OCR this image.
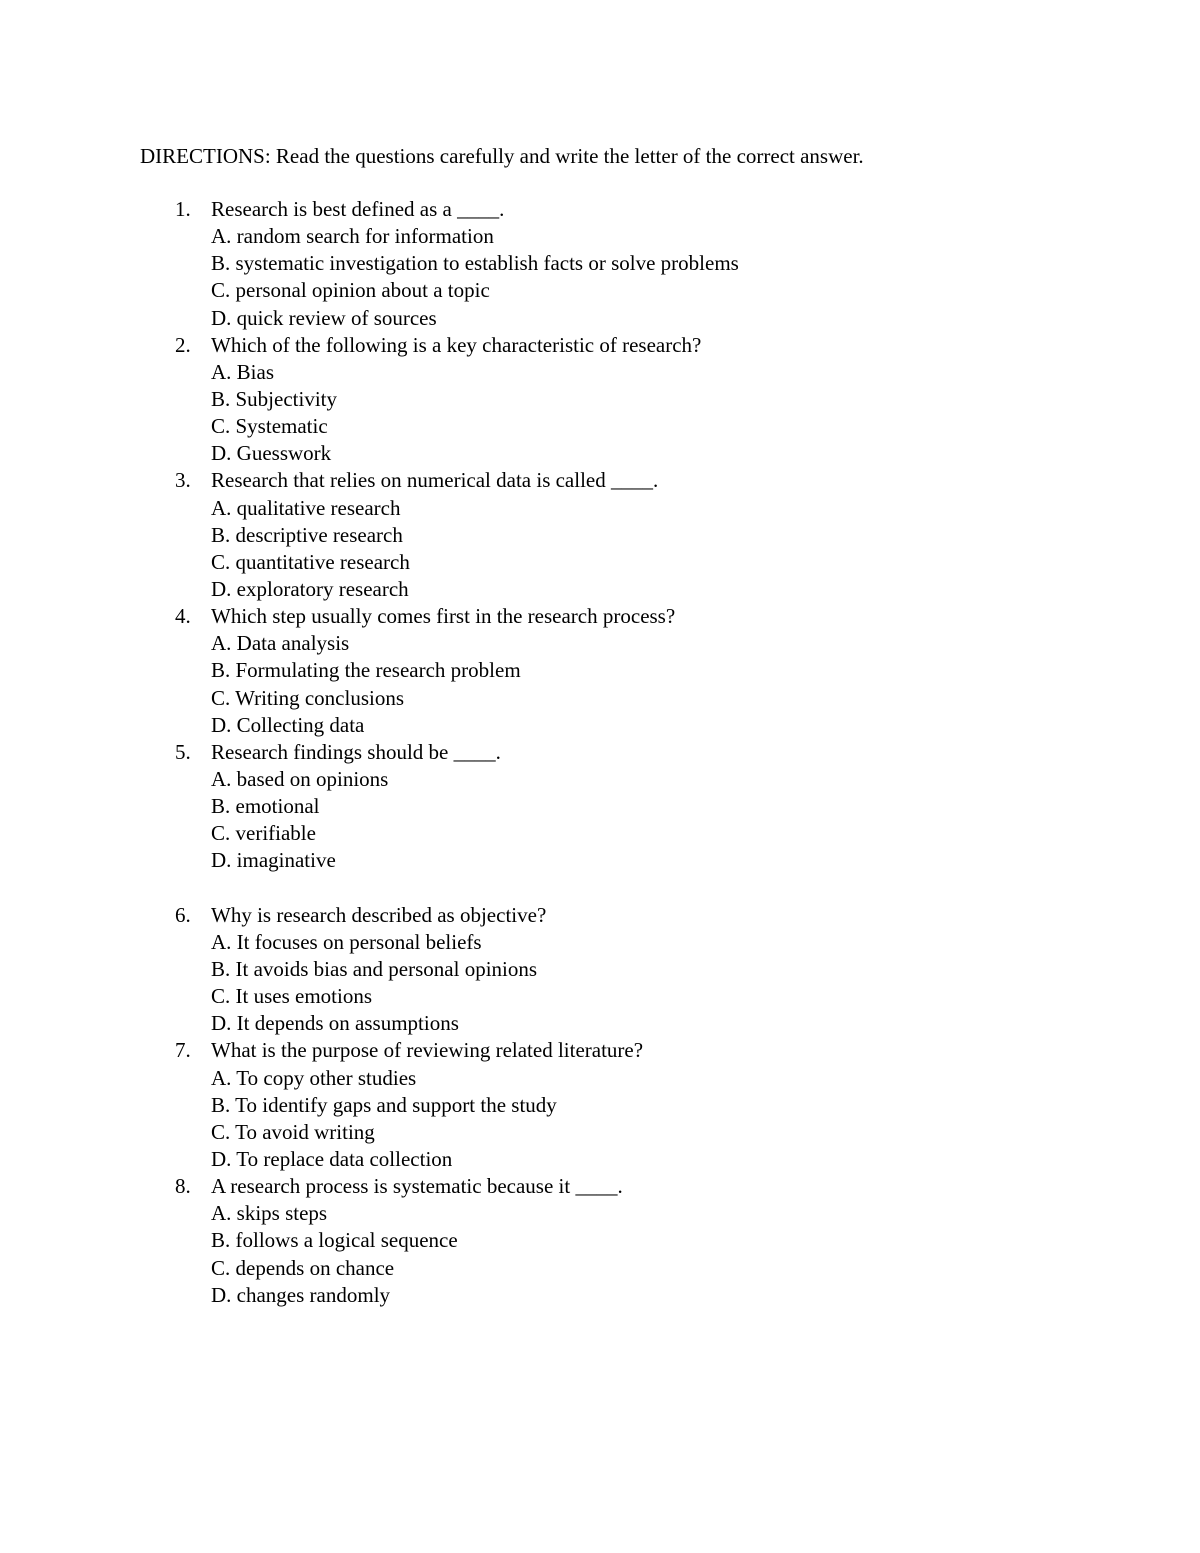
DIRECTIONS: Read the questions carefully and write the letter of the correct answer.
1. Research is best defined as a ____.
A. random search for information
B. systematic investigation to establish facts or solve problems
C. personal opinion about a topic
D. quick review of sources
2. Which of the following is a key characteristic of research?
A. Bias
B. Subjectivity
C. Systematic
D. Guesswork
3. Research that relies on numerical data is called ____.
A. qualitative research
B. descriptive research
C. quantitative research
D. exploratory research
4. Which step usually comes first in the research process?
A. Data analysis
B. Formulating the research problem
C. Writing conclusions
D. Collecting data
5. Research findings should be ____.
A. based on opinions
B. emotional
C. verifiable
D. imaginative
6. Why is research described as objective?
A. It focuses on personal beliefs
B. It avoids bias and personal opinions
C. It uses emotions
D. It depends on assumptions
7. What is the purpose of reviewing related literature?
A. To copy other studies
B. To identify gaps and support the study
C. To avoid writing
D. To replace data collection
8. A research process is systematic because it ____.
A. skips steps
B. follows a logical sequence
C. depends on chance
D. changes randomly
